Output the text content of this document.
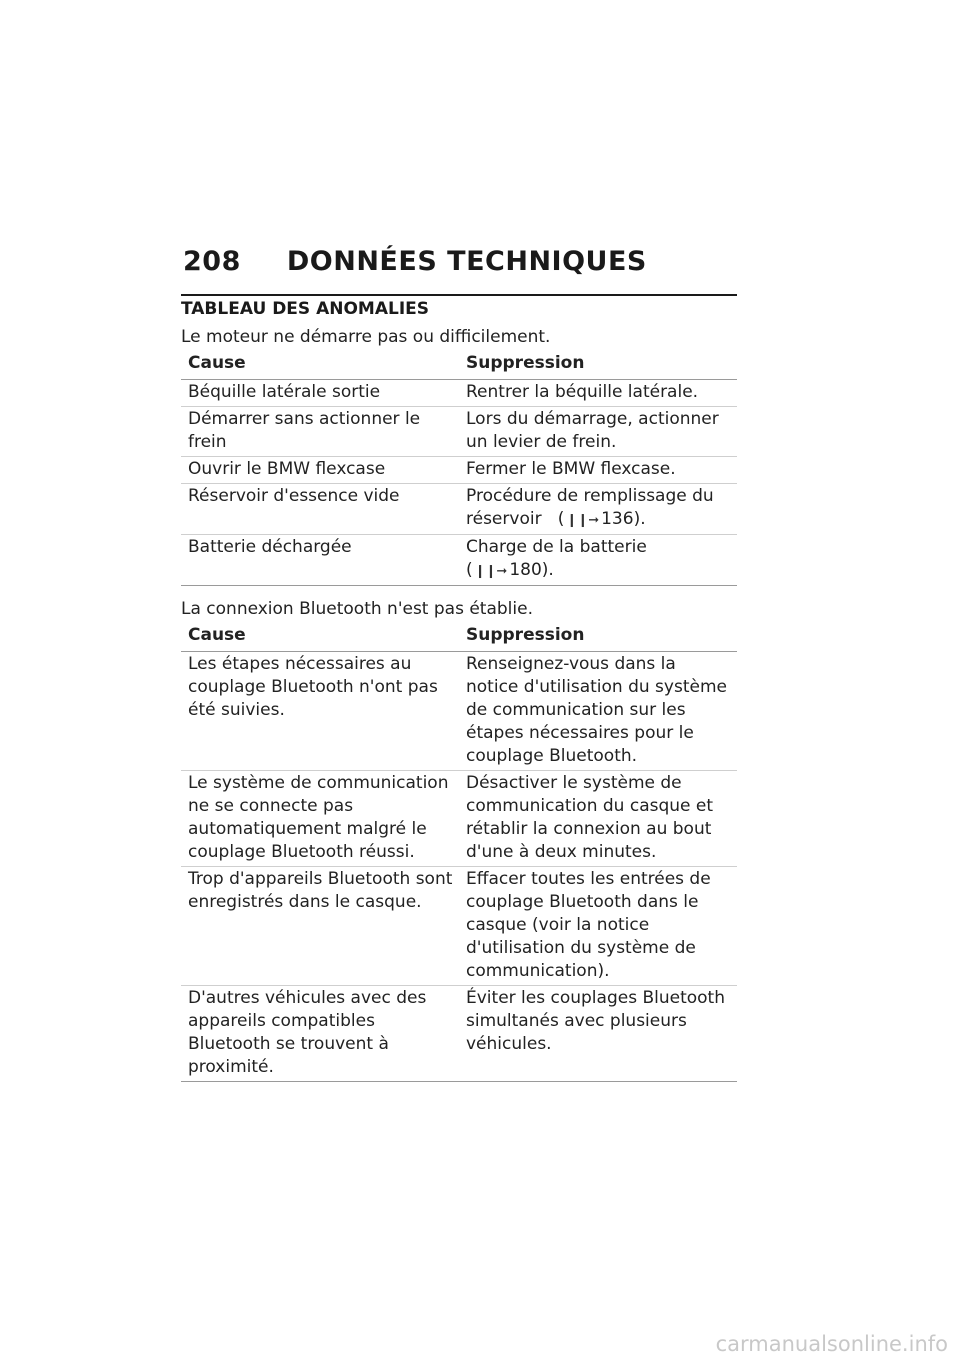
208 DONNÉES TECHNIQUES
TABLEAU DES ANOMALIES
Le moteur ne démarre pas ou difficilement.
Cause	Suppression
Béquille latérale sortie	Rentrer la béquille latérale.
Démarrer sans actionner le frein	Lors du démarrage, actionner un levier de frein.
Ouvrir le BMW flexcase	Fermer le BMW flexcase.
Réservoir d'essence vide	Procédure de remplissage du réservoir ( ❙❙➞ 136).
Batterie déchargée	Charge de la batterie
( ❙❙➞ 180).
La connexion Bluetooth n'est pas établie.
Cause	Suppression
Les étapes nécessaires au couplage Bluetooth n'ont pas été suivies.	Renseignez-vous dans la notice d'utilisation du système de communication sur les étapes nécessaires pour le couplage Bluetooth.
Le système de communication ne se connecte pas automatiquement malgré le couplage Bluetooth réussi.	Désactiver le système de communication du casque et rétablir la connexion au bout d'une à deux minutes.
Trop d'appareils Bluetooth sont enregistrés dans le casque.	Effacer toutes les entrées de couplage Bluetooth dans le casque (voir la notice d'utilisation du système de communication).
D'autres véhicules avec des appareils compatibles Bluetooth se trouvent à proximité.	Éviter les couplages Bluetooth simultanés avec plusieurs véhicules.
carmanualsonline.info
